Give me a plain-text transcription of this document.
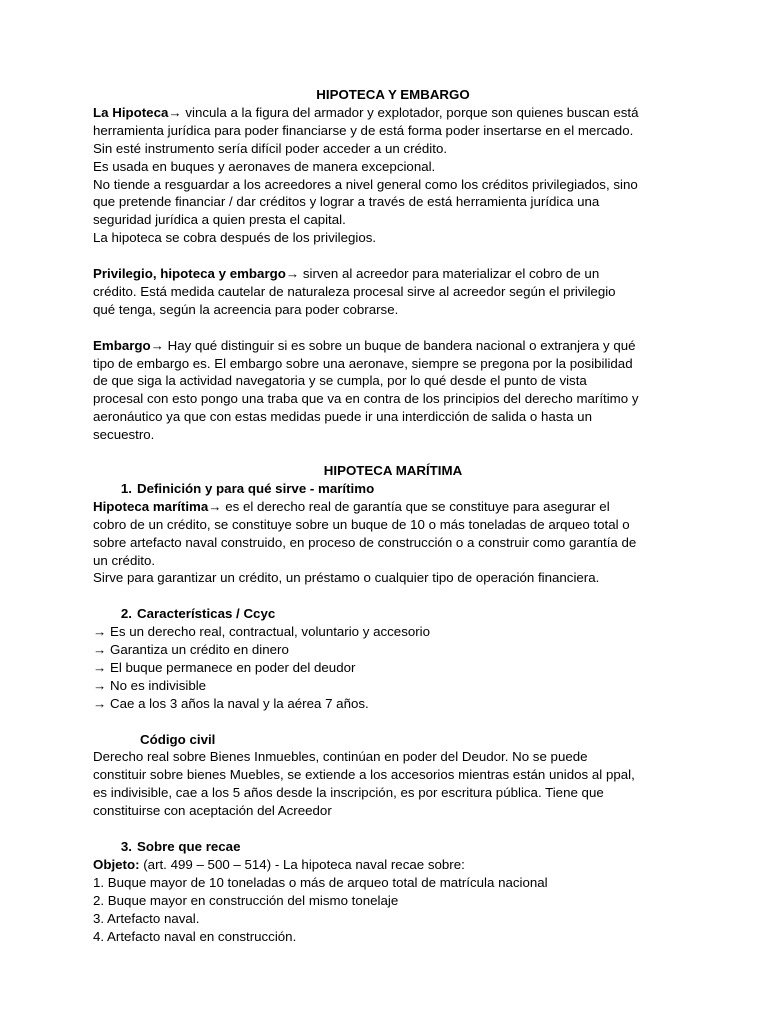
HIPOTECA Y EMBARGO

La Hipoteca→ vincula a la figura del armador y explotador, porque son quienes buscan está

herramienta jurídica para poder financiarse y de está forma poder insertarse en el mercado.

Sin esté instrumento sería difícil poder acceder a un crédito.

Es usada en buques y aeronaves de manera excepcional.

No tiende a resguardar a los acreedores a nivel general como los créditos privilegiados, sino

que pretende financiar / dar créditos y lograr a través de está herramienta jurídica una

seguridad jurídica a quien presta el capital.

La hipoteca se cobra después de los privilegios.

Privilegio, hipoteca y embargo→ sirven al acreedor para materializar el cobro de un

crédito. Está medida cautelar de naturaleza procesal sirve al acreedor según el privilegio

qué tenga, según la acreencia para poder cobrarse.

Embargo→ Hay qué distinguir si es sobre un buque de bandera nacional o extranjera y qué

tipo de embargo es. El embargo sobre una aeronave, siempre se pregona por la posibilidad

de que siga la actividad navegatoria y se cumpla, por lo qué desde el punto de vista

procesal con esto pongo una traba que va en contra de los principios del derecho marítimo y

aeronáutico ya que con estas medidas puede ir una interdicción de salida o hasta un

secuestro.

HIPOTECA MARÍTIMA

1. Definición y para qué sirve - marítimo

Hipoteca marítima→ es el derecho real de garantía que se constituye para asegurar el

cobro de un crédito, se constituye sobre un buque de 10 o más toneladas de arqueo total o

sobre artefacto naval construido, en proceso de construcción o a construir como garantía de

un crédito.

Sirve para garantizar un crédito, un préstamo o cualquier tipo de operación financiera.

2. Características / Ccyc

→ Es un derecho real, contractual, voluntario y accesorio

→ Garantiza un crédito en dinero

→ El buque permanece en poder del deudor

→ No es indivisible

→ Cae a los 3 años la naval y la aérea 7 años.

Código civil

Derecho real sobre Bienes Inmuebles, continúan en poder del Deudor. No se puede

constituir sobre bienes Muebles, se extiende a los accesorios mientras están unidos al ppal,

es indivisible, cae a los 5 años desde la inscripción, es por escritura pública. Tiene que

constituirse con aceptación del Acreedor

3. Sobre que recae

Objeto: (art. 499 – 500 – 514) - La hipoteca naval recae sobre:

1. Buque mayor de 10 toneladas o más de arqueo total de matrícula nacional

2. Buque mayor en construcción del mismo tonelaje

3. Artefacto naval.

4. Artefacto naval en construcción.
